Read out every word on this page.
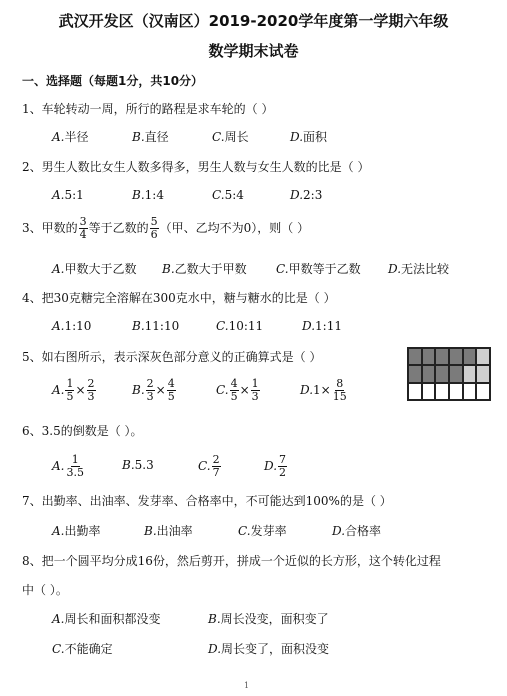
武汉开发区（汉南区）2019-2020学年度第一学期六年级
数学期末试卷
一、选择题（每题1分，共10分）
1、车轮转动一周，所行的路程是求车轮的（ ）
A.半径	B.直径	C.周长	D.面积
2、男生人数比女生人数多得多，男生人数与女生人数的比是（ ）
A.5:1	B.1:4	C.5:4	D.2:3
3、甲数的 $\frac{3}{4}$ 等于乙数的 $\frac{5}{6}$ （甲、乙均不为0），则（ ）
A.甲数大于乙数 B.乙数大于甲数 C.甲数等于乙数 D.无法比较
4、把30克糖完全溶解在300克水中，糖与糖水的比是（ ）
A.1:10	B.11:10	C.10:11	D.1:11
5、如右图所示，表示深灰色部分意义的正确算式是（ ）
A. $\frac{1}{5} \times \frac{2}{3}$	B. $\frac{2}{3} \times \frac{4}{5}$	C. $\frac{4}{5} \times \frac{1}{3}$	$D.1\times \frac{8}{15}$
6、3.5的倒数是（ ）。
A. $\frac{1}{3.5}$	B.5.3	C. $\frac{2}{7}$	D. $\frac{7}{2}$
7、出勤率、出油率、发芽率、合格率中，不可能达到100%的是（ ）
A.出勤率	B.出油率	C.发芽率	D.合格率
8、把一个圆平均分成16份，然后剪开，拼成一个近似的长方形，这个转化过程
中（ ）。
A.周长和面积都没变	B.周长没变，面积变了
C.不能确定	D.周长变了，面积没变
1
